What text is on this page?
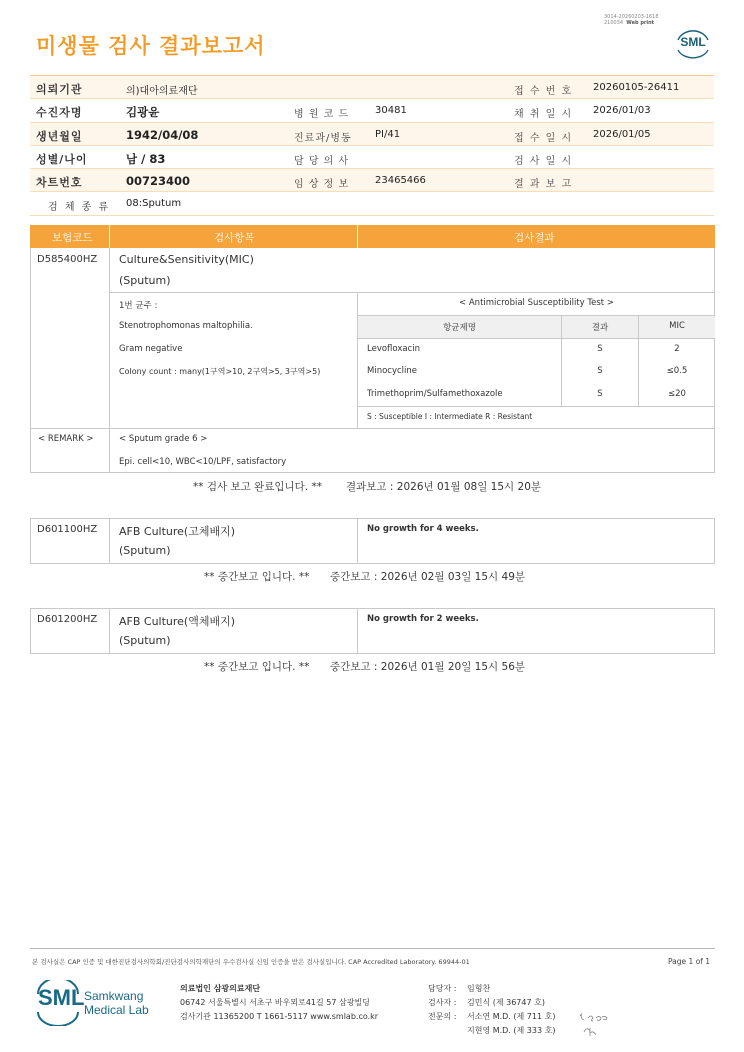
3014-20260203-1618
210034 Web print
미생물 검사 결과보고서	SML
의뢰기관	의)대아의료재단	접 수 번 호 20260105-26411
수진자명	김광윤	병 원 코 드	30481	채 취 일 시 2026/01/03
생년월일	1942/04/08	진료과/병동 PI/41	접 수 일 시 2026/01/05
성별/나이	남 / 83	담 당 의 사	검 사 일 시
차트번호	00723400	임 상 정 보	23465466	결 과 보 고
검 체 종 류 08:Sputum
보험코드	검사항목	검사결과
D585400HZ Culture&Sensitivity(MIC)
(Sputum)
1번 균주 :
Stenotrophomonas maltophilia.
Gram negative
Colony count : many(1구역>10, 2구역>5, 3구역>5)
< Antimicrobial Susceptibility Test >
항균제명	결과	MIC
Levofloxacin	S	2
Minocycline	S	≤0.5
Trimethoprim/Sulfamethoxazole	S	≤20
S : Susceptible I : Intermediate R : Resistant
< REMARK >	< Sputum grade 6 >
Epi. cell<10, WBC<10/LPF, satisfactory
** 검사 보고 완료입니다. ** 결과보고 : 2026년 01월 08일 15시 20분
D601100HZ AFB Culture(고체배지)
(Sputum)
No growth for 4 weeks.
** 중간보고 입니다. ** 중간보고 : 2026년 02월 03일 15시 49분
D601200HZ AFB Culture(액체배지)
(Sputum)
No growth for 2 weeks.
** 중간보고 입니다. ** 중간보고 : 2026년 01월 20일 15시 56분
본 검사실은 CAP 인증 및 대한진단검사의학회/진단검사의학재단의 우수검사실 신임 인증을 받은 검사실입니다. CAP Accredited Laboratory. 69944-01	Page 1 of 1
SML Samkwang
Medical Lab
의료법인 삼광의료재단
06742 서울특별시 서초구 바우뫼로41길 57 삼광빌딩
검사기관 11365200 T 1661-5117 www.smlab.co.kr
담당자 : 임형찬
검사자 : 김민식 (제 36747 호)
전문의 : 서소연 M.D. (제 711 호)
지현영 M.D. (제 333 호)
